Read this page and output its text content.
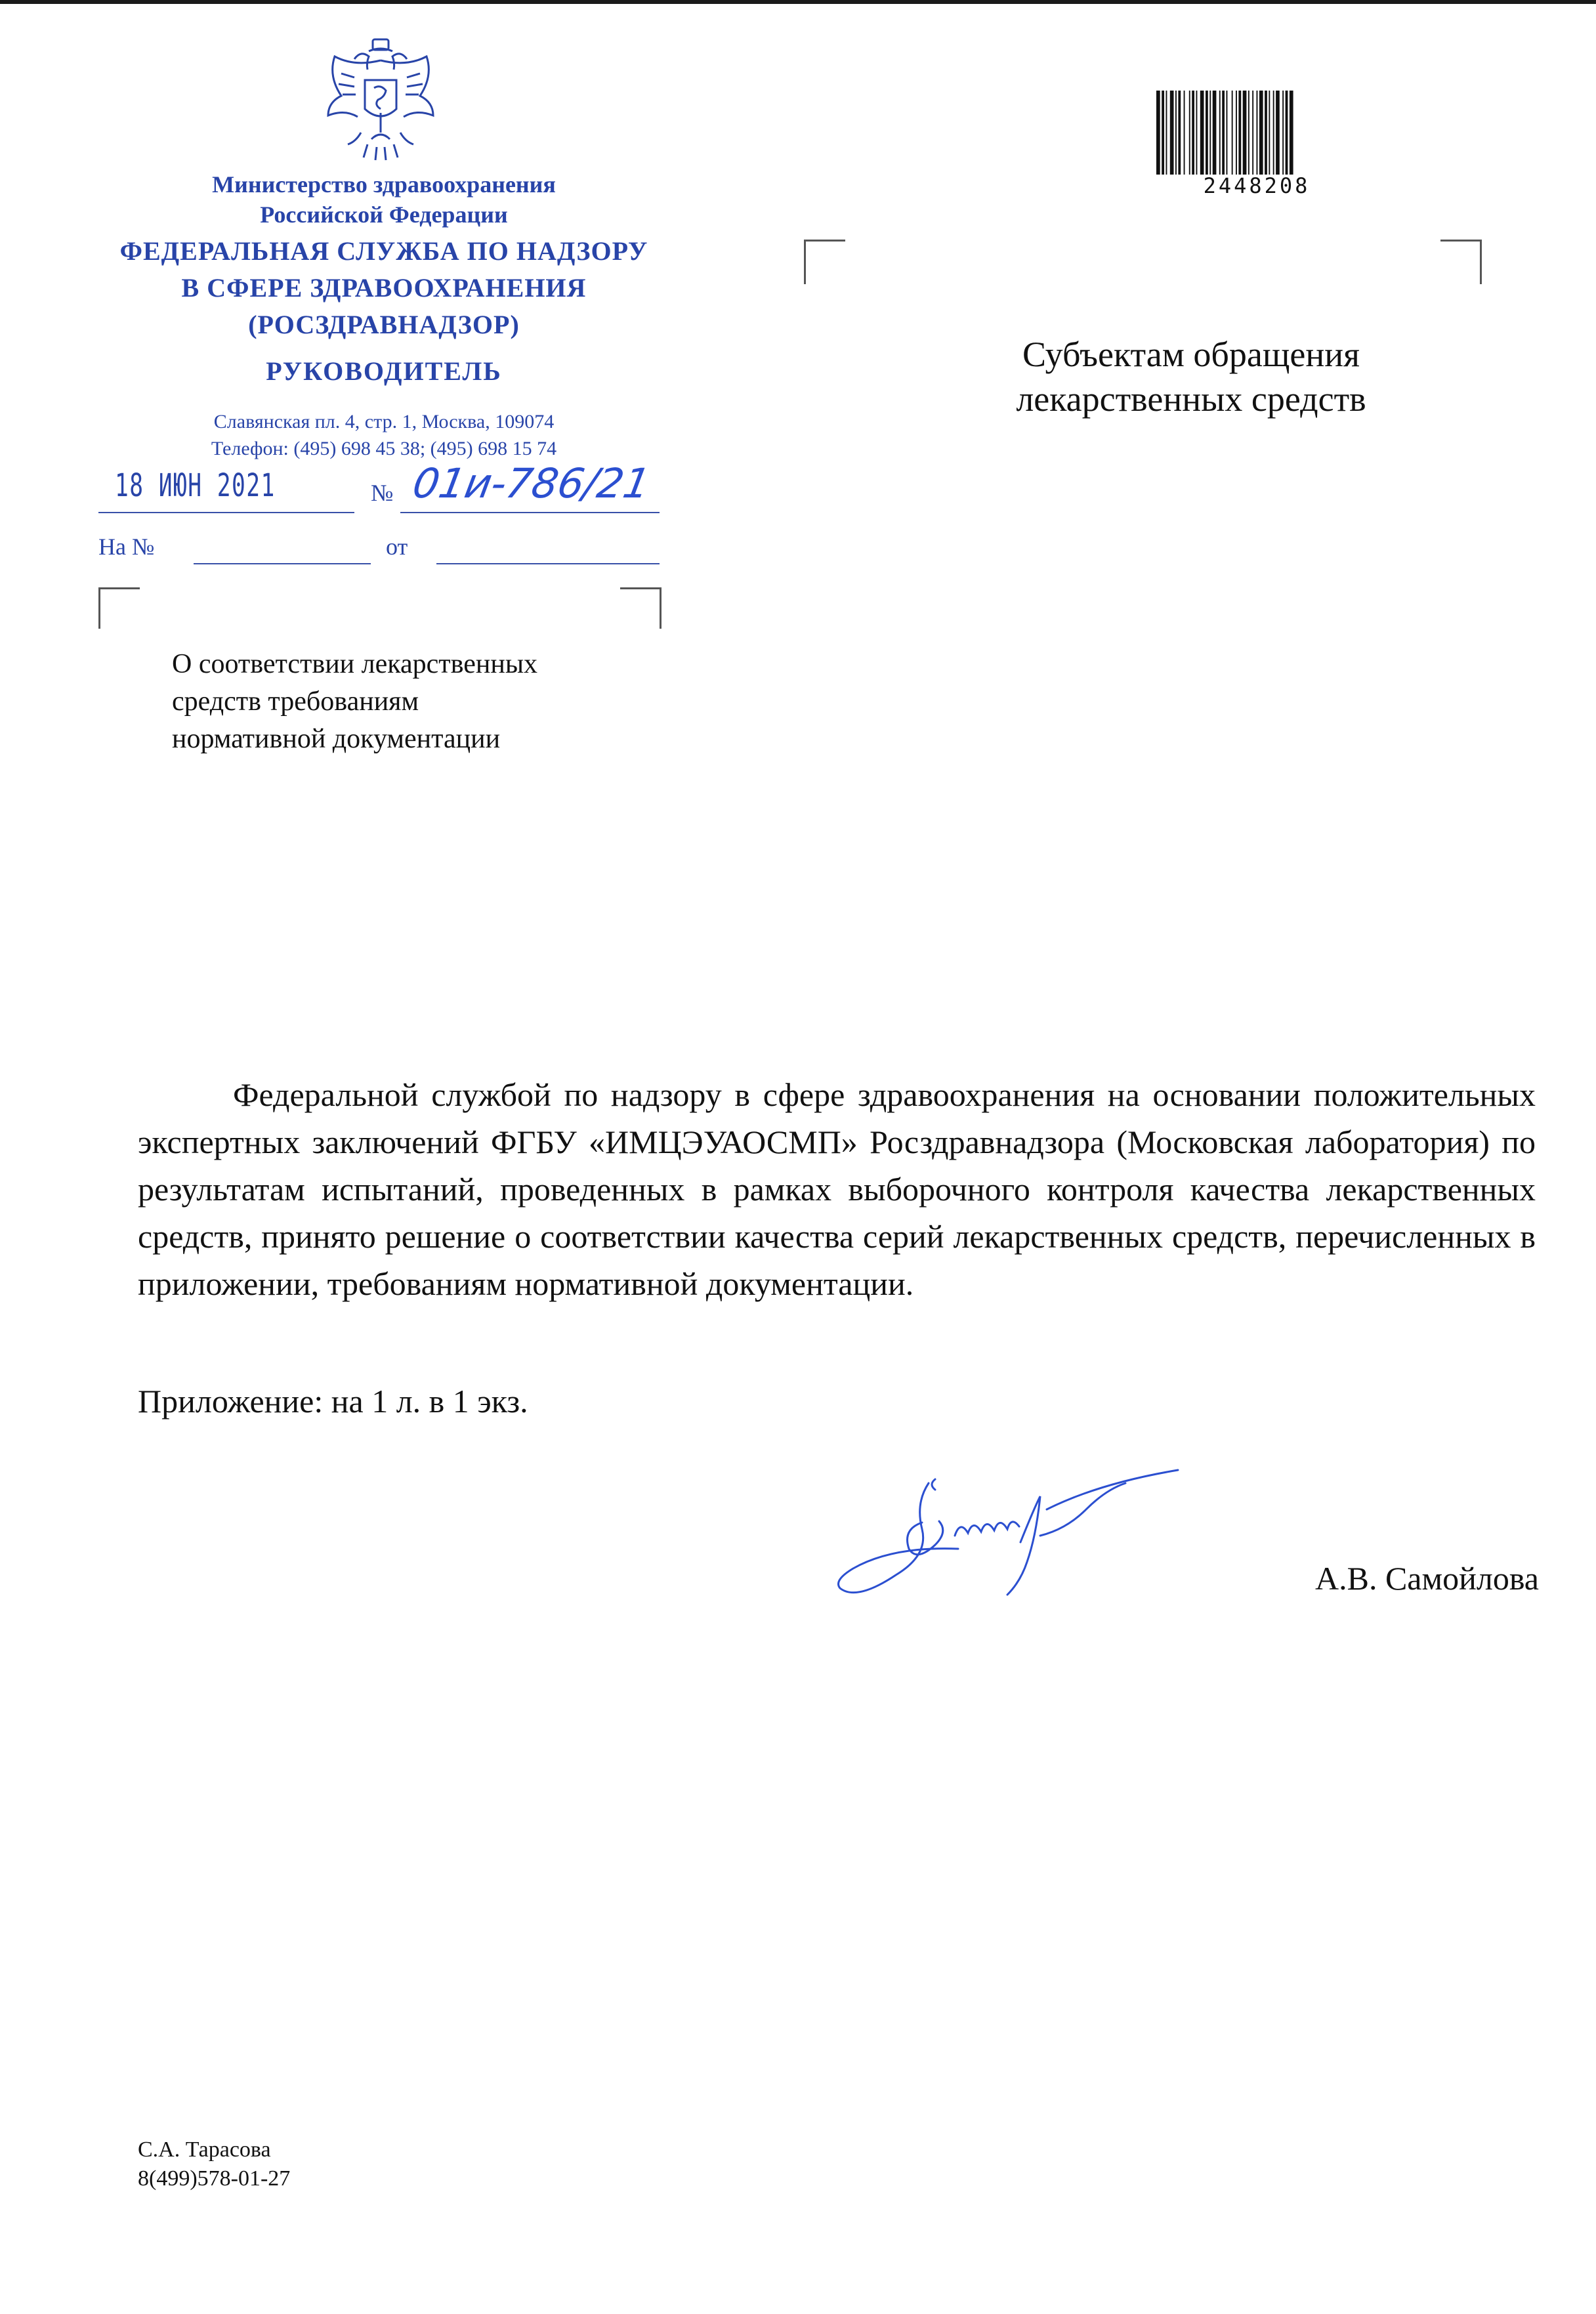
Министерство здравоохранения
Российской Федерации
ФЕДЕРАЛЬНАЯ СЛУЖБА ПО НАДЗОРУ
В СФЕРЕ ЗДРАВООХРАНЕНИЯ
(РОСЗДРАВНАДЗОР)
РУКОВОДИТЕЛЬ
Славянская пл. 4, стр. 1, Москва, 109074
Телефон: (495) 698 45 38; (495) 698 15 74
18 ИЮН 2021	№ 01и-786/21
На №	от
2448208
Субъектам обращения
лекарственных средств
О соответствии лекарственных
средств требованиям
нормативной документации

Федеральной службой по надзору в сфере здравоохранения на основании положительных экспертных заключений ФГБУ «ИМЦЭУАОСМП» Росздравнадзора (Московская лаборатория) по результатам испытаний, проведенных в рамках выборочного контроля качества лекарственных средств, принято решение о соответствии качества серий лекарственных средств, перечисленных в приложении, требованиям нормативной документации.

Приложение: на 1 л. в 1 экз.
А.В. Самойлова
С.А. Тарасова
8(499)578-01-27
